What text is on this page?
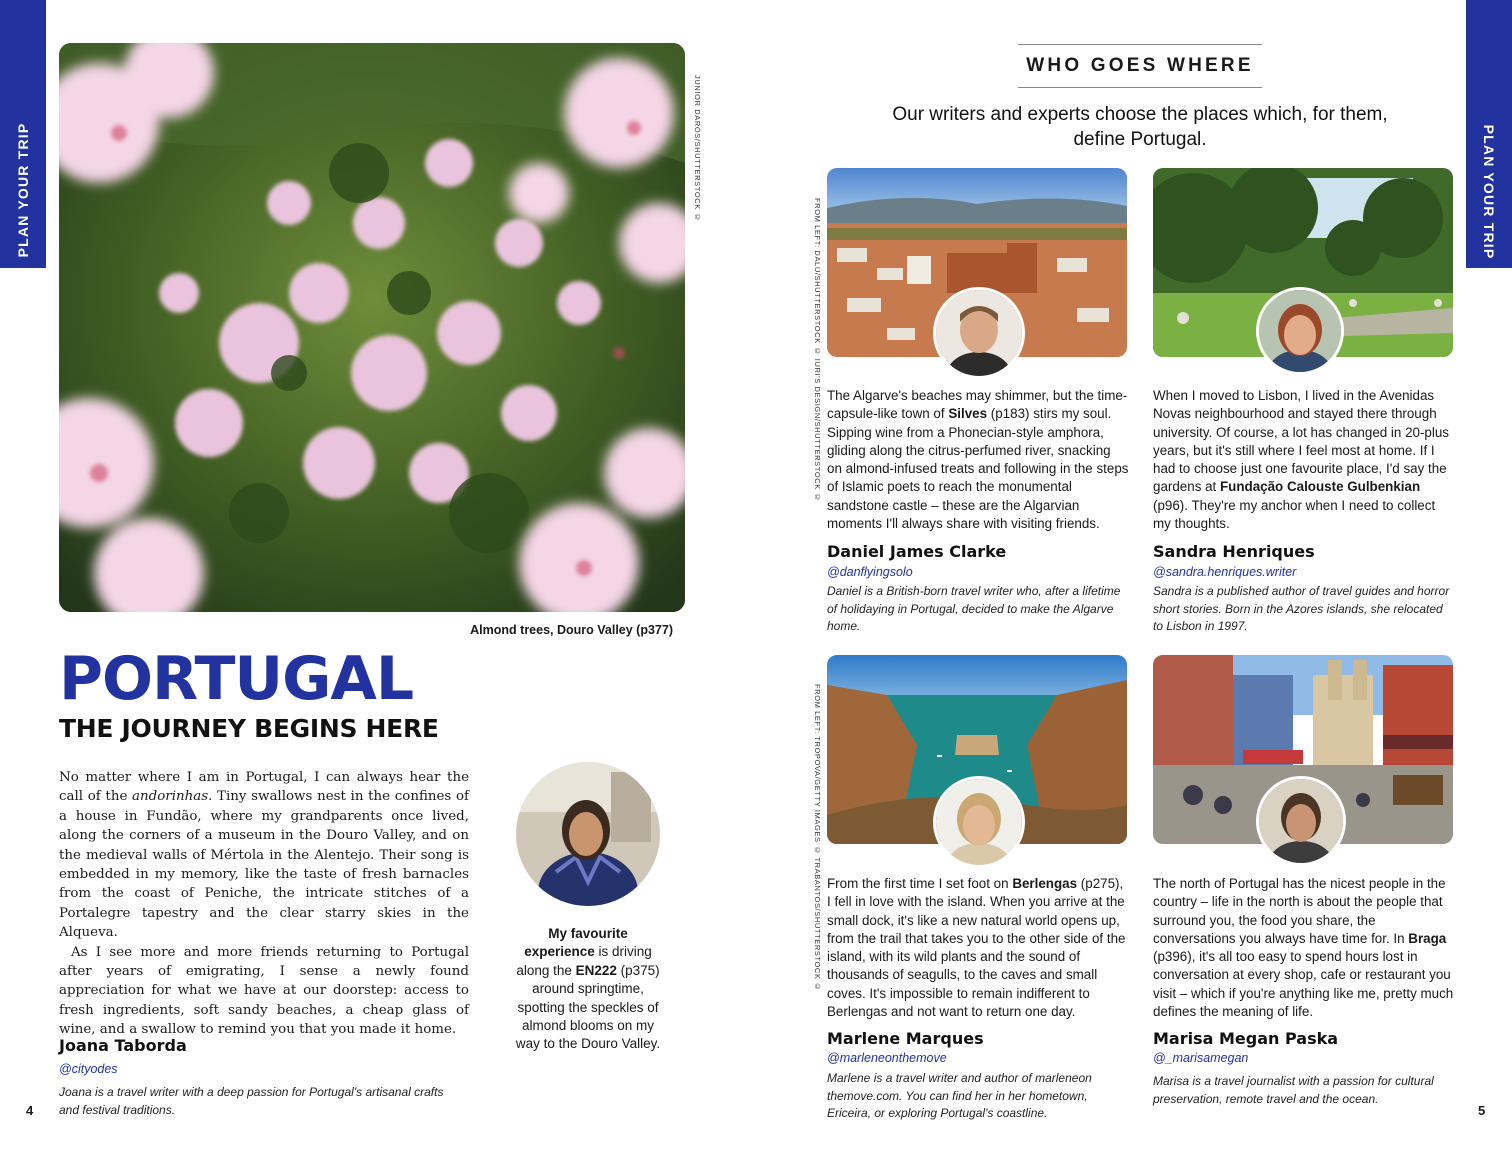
PLAN YOUR TRIP	PLAN YOUR TRIP
JUNIOR DAROS/SHUTTERSTOCK ©
Almond trees, Douro Valley (p377)
PORTUGAL
THE JOURNEY BEGINS HERE

No matter where I am in Portugal, I can always hear the call of the andorinhas. Tiny swallows nest in the confines of a house in Fundão, where my grandparents once lived, along the corners of a museum in the Douro Valley, and on the medieval walls of Mértola in the Alentejo. Their song is embedded in my memory, like the taste of fresh barnacles from the coast of Peniche, the intricate stitches of a Portalegre tapestry and the clear starry skies in the Alqueva.

As I see more and more friends returning to Portugal after years of emigrating, I sense a newly found appreciation for what we have at our doorstep: access to fresh ingredients, soft sandy beaches, a cheap glass of wine, and a swallow to remind you that you made it home.

Joana Taborda
@cityodes
Joana is a travel writer with a deep passion for Portugal's artisanal crafts and festival traditions.
My favourite experience is driving along the EN222 (p375) around springtime, spotting the speckles of almond blooms on my way to the Douro Valley.
4
WHO GOES WHERE
Our writers and experts choose the places which, for them, define Portugal.
FROM LEFT: DALU/SHUTTERSTOCK © IURI'S DESIGN/SHUTTERSTOCK ©
FROM LEFT: TROPOVA/GETTY IMAGES © TRABANTOS/SHUTTERSTOCK ©
The Algarve's beaches may shimmer, but the time-capsule-like town of Silves (p183) stirs my soul. Sipping wine from a Phonecian-style amphora, gliding along the citrus-perfumed river, snacking on almond-infused treats and following in the steps of Islamic poets to reach the monumental sandstone castle – these are the Algarvian moments I'll always share with visiting friends.
Daniel James Clarke
@danflyingsolo
Daniel is a British-born travel writer who, after a lifetime of holidaying in Portugal, decided to make the Algarve home.
When I moved to Lisbon, I lived in the Avenidas Novas neighbourhood and stayed there through university. Of course, a lot has changed in 20-plus years, but it's still where I feel most at home. If I had to choose just one favourite place, I'd say the gardens at Fundação Calouste Gulbenkian (p96). They're my anchor when I need to collect my thoughts.
Sandra Henriques
@sandra.henriques.writer
Sandra is a published author of travel guides and horror short stories. Born in the Azores islands, she relocated to Lisbon in 1997.
From the first time I set foot on Berlengas (p275), I fell in love with the island. When you arrive at the small dock, it's like a new natural world opens up, from the trail that takes you to the other side of the island, with its wild plants and the sound of thousands of seagulls, to the caves and small coves. It's impossible to remain indifferent to Berlengas and not want to return one day.
Marlene Marques
@marleneonthemove
Marlene is a travel writer and author of marleneon themove.com. You can find her in her hometown, Ericeira, or exploring Portugal's coastline.
The north of Portugal has the nicest people in the country – life in the north is about the people that surround you, the food you share, the conversations you always have time for. In Braga (p396), it's all too easy to spend hours lost in conversation at every shop, cafe or restaurant you visit – which if you're anything like me, pretty much defines the meaning of life.
Marisa Megan Paska
@_marisamegan
Marisa is a travel journalist with a passion for cultural preservation, remote travel and the ocean.
5
